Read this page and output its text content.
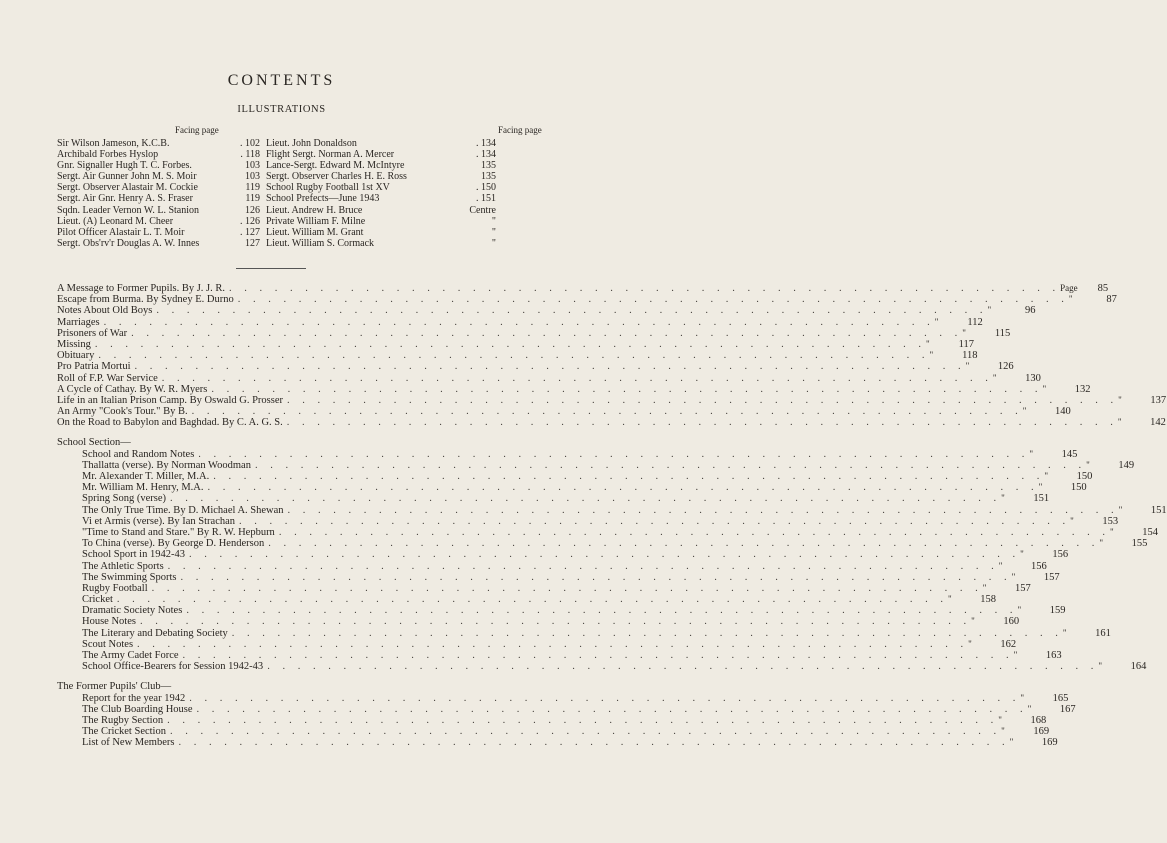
CONTENTS
ILLUSTRATIONS
Facing page	Facing page
Sir Wilson Jameson, K.C.B.	. 102
Archibald Forbes Hyslop	. 118
Gnr. Signaller Hugh T. C. Forbes.	103
Sergt. Air Gunner John M. S. Moir	103
Sergt. Observer Alastair M. Cockie	119
Sergt. Air Gnr. Henry A. S. Fraser	119
Sqdn. Leader Vernon W. L. Stanion	126
Lieut. (A) Leonard M. Cheer	. 126
Pilot Officer Alastair L. T. Moir	. 127
Sergt. Obs'rv'r Douglas A. W. Innes	127
Lieut. John Donaldson	. 134
Flight Sergt. Norman A. Mercer	. 134
Lance-Sergt. Edward M. McIntyre	135
Sergt. Observer Charles H. E. Ross	135
School Rugby Football 1st XV	. 150
School Prefects—June 1943	. 151
Lieut. Andrew H. Bruce	Centre
Private William F. Milne	"
Lieut. William M. Grant	"
Lieut. William S. Cormack	"
A Message to Former Pupils. By J. J. R. . . .	Page	85
Escape from Burma. By Sydney E. Durno . . .	"	87
Notes About Old Boys . . .	"	96
Marriages . . .	"	112
Prisoners of War . . .	"	115
Missing . . .	"	117
Obituary . . .	"	118
Pro Patria Mortui . . .	"	126
Roll of F.P. War Service . . .	"	130
A Cycle of Cathay. By W. R. Myers . . .	"	132
Life in an Italian Prison Camp. By Oswald G. Prosser . . .	"	137
An Army "Cook's Tour." By B. . . .	"	140
On the Road to Babylon and Baghdad. By C. A. G. S. . . .	"	142
School Section—
School and Random Notes . . .	"	145
Thallatta (verse). By Norman Woodman . . .	"	149
Mr. Alexander T. Miller, M.A. . . .	"	150
Mr. William M. Henry, M.A. . . .	"	150
Spring Song (verse) . . .	"	151
The Only True Time. By D. Michael A. Shewan . . .	"	151
Vi et Armis (verse). By Ian Strachan . . .	"	153
"Time to Stand and Stare." By R. W. Hepburn . . .	"	154
To China (verse). By George D. Henderson . . .	"	155
School Sport in 1942-43 . . .	"	156
The Athletic Sports . . .	"	156
The Swimming Sports . . .	"	157
Rugby Football . . .	"	157
Cricket . . .	"	158
Dramatic Society Notes . . .	"	159
House Notes . . .	"	160
The Literary and Debating Society . . .	"	161
Scout Notes . . .	"	162
The Army Cadet Force . . .	"	163
School Office-Bearers for Session 1942-43 . . .	"	164
The Former Pupils' Club—
Report for the year 1942 . . .	"	165
The Club Boarding House . . .	"	167
The Rugby Section . . .	"	168
The Cricket Section . . .	"	169
List of New Members . . .	"	169
